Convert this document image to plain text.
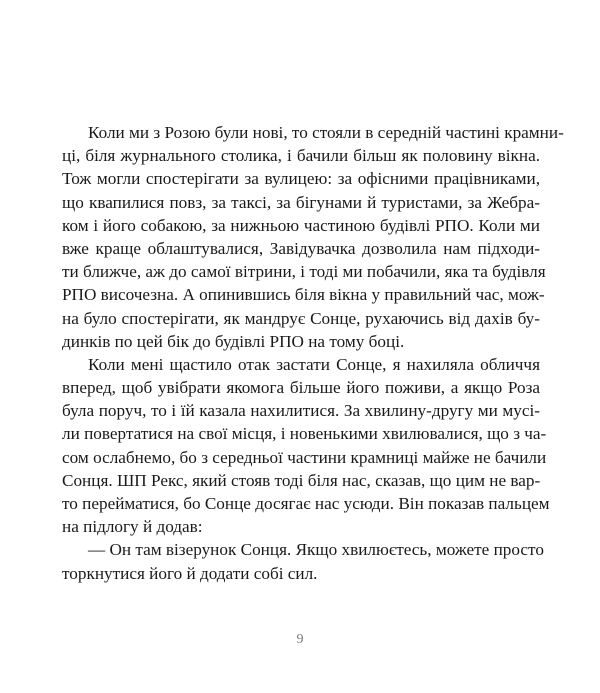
Коли ми з Розою були нові, то стояли в середній частині крамни-
ці, біля журнального столика, і бачили більш як половину вікна.
Тож могли спостерігати за вулицею: за офісними працівниками,
що квапилися повз, за таксі, за бігунами й туристами, за Жебра-
ком і його собакою, за нижньою частиною будівлі РПО. Коли ми
вже краще облаштувалися, Завідувачка дозволила нам підходи-
ти ближче, аж до самої вітрини, і тоді ми побачили, яка та будівля
РПО височезна. А опинившись біля вікна у правильний час, мож-
на було спостерігати, як мандрує Сонце, рухаючись від дахів бу-
динків по цей бік до будівлі РПО на тому боці.
Коли мені щастило отак застати Сонце, я нахиляла обличчя
вперед, щоб увібрати якомога більше його поживи, а якщо Роза
була поруч, то і їй казала нахилитися. За хвилину-другу ми мусі-
ли повертатися на свої місця, і новенькими хвилювалися, що з ча-
сом ослабнемо, бо з середньої частини крамниці майже не бачили
Сонця. ШП Рекс, який стояв тоді біля нас, сказав, що цим не вар-
то перейматися, бо Сонце досягає нас усюди. Він показав пальцем
на підлогу й додав:
— Он там візерунок Сонця. Якщо хвилюєтесь, можете просто
торкнутися його й додати собі сил.
9
